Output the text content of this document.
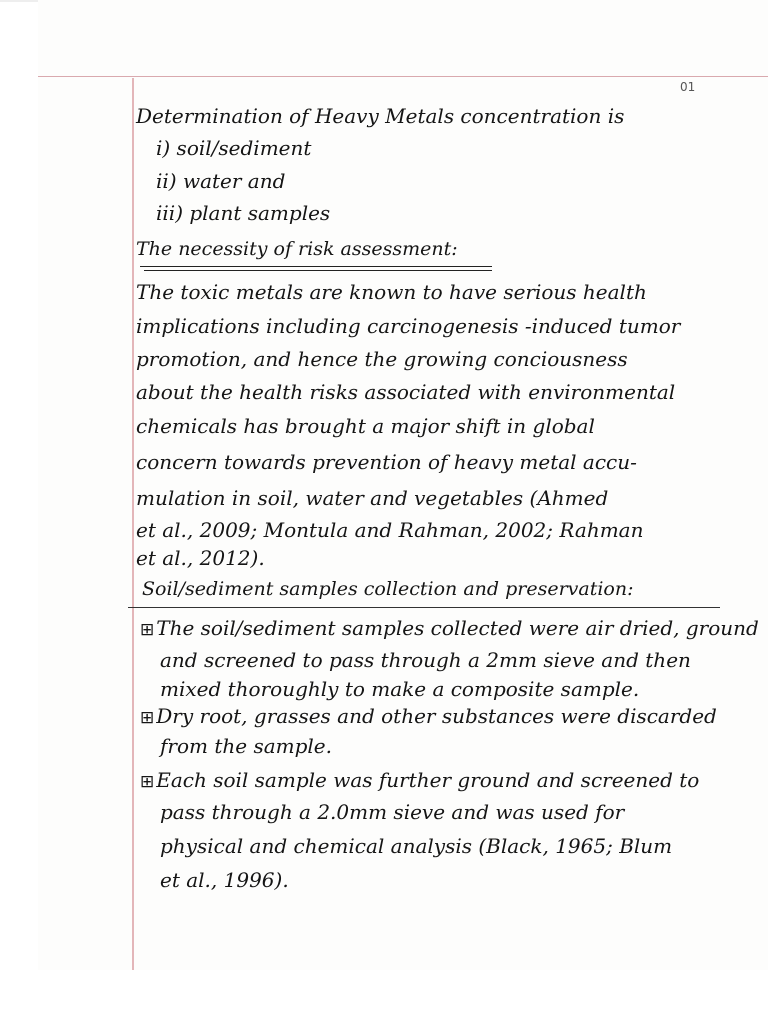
01
Determination of Heavy Metals concentration is
i) soil/sediment
ii) water and
iii) plant samples
The necessity of risk assessment:
The toxic metals are known to have serious health
implications including carcinogenesis -induced tumor
promotion, and hence the growing conciousness
about the health risks associated with environmental
chemicals has brought a major shift in global
concern towards prevention of heavy metal accu-
mulation in soil, water and vegetables (Ahmed
et al., 2009; Montula and Rahman, 2002; Rahman
et al., 2012).
Soil/sediment samples collection and preservation:
⊞ The soil/sediment samples collected were air dried, ground
and screened to pass through a 2mm sieve and then
mixed thoroughly to make a composite sample.
⊞ Dry root, grasses and other substances were discarded
from the sample.
⊞ Each soil sample was further ground and screened to
pass through a 2.0mm sieve and was used for
physical and chemical analysis (Black, 1965; Blum
et al., 1996).
